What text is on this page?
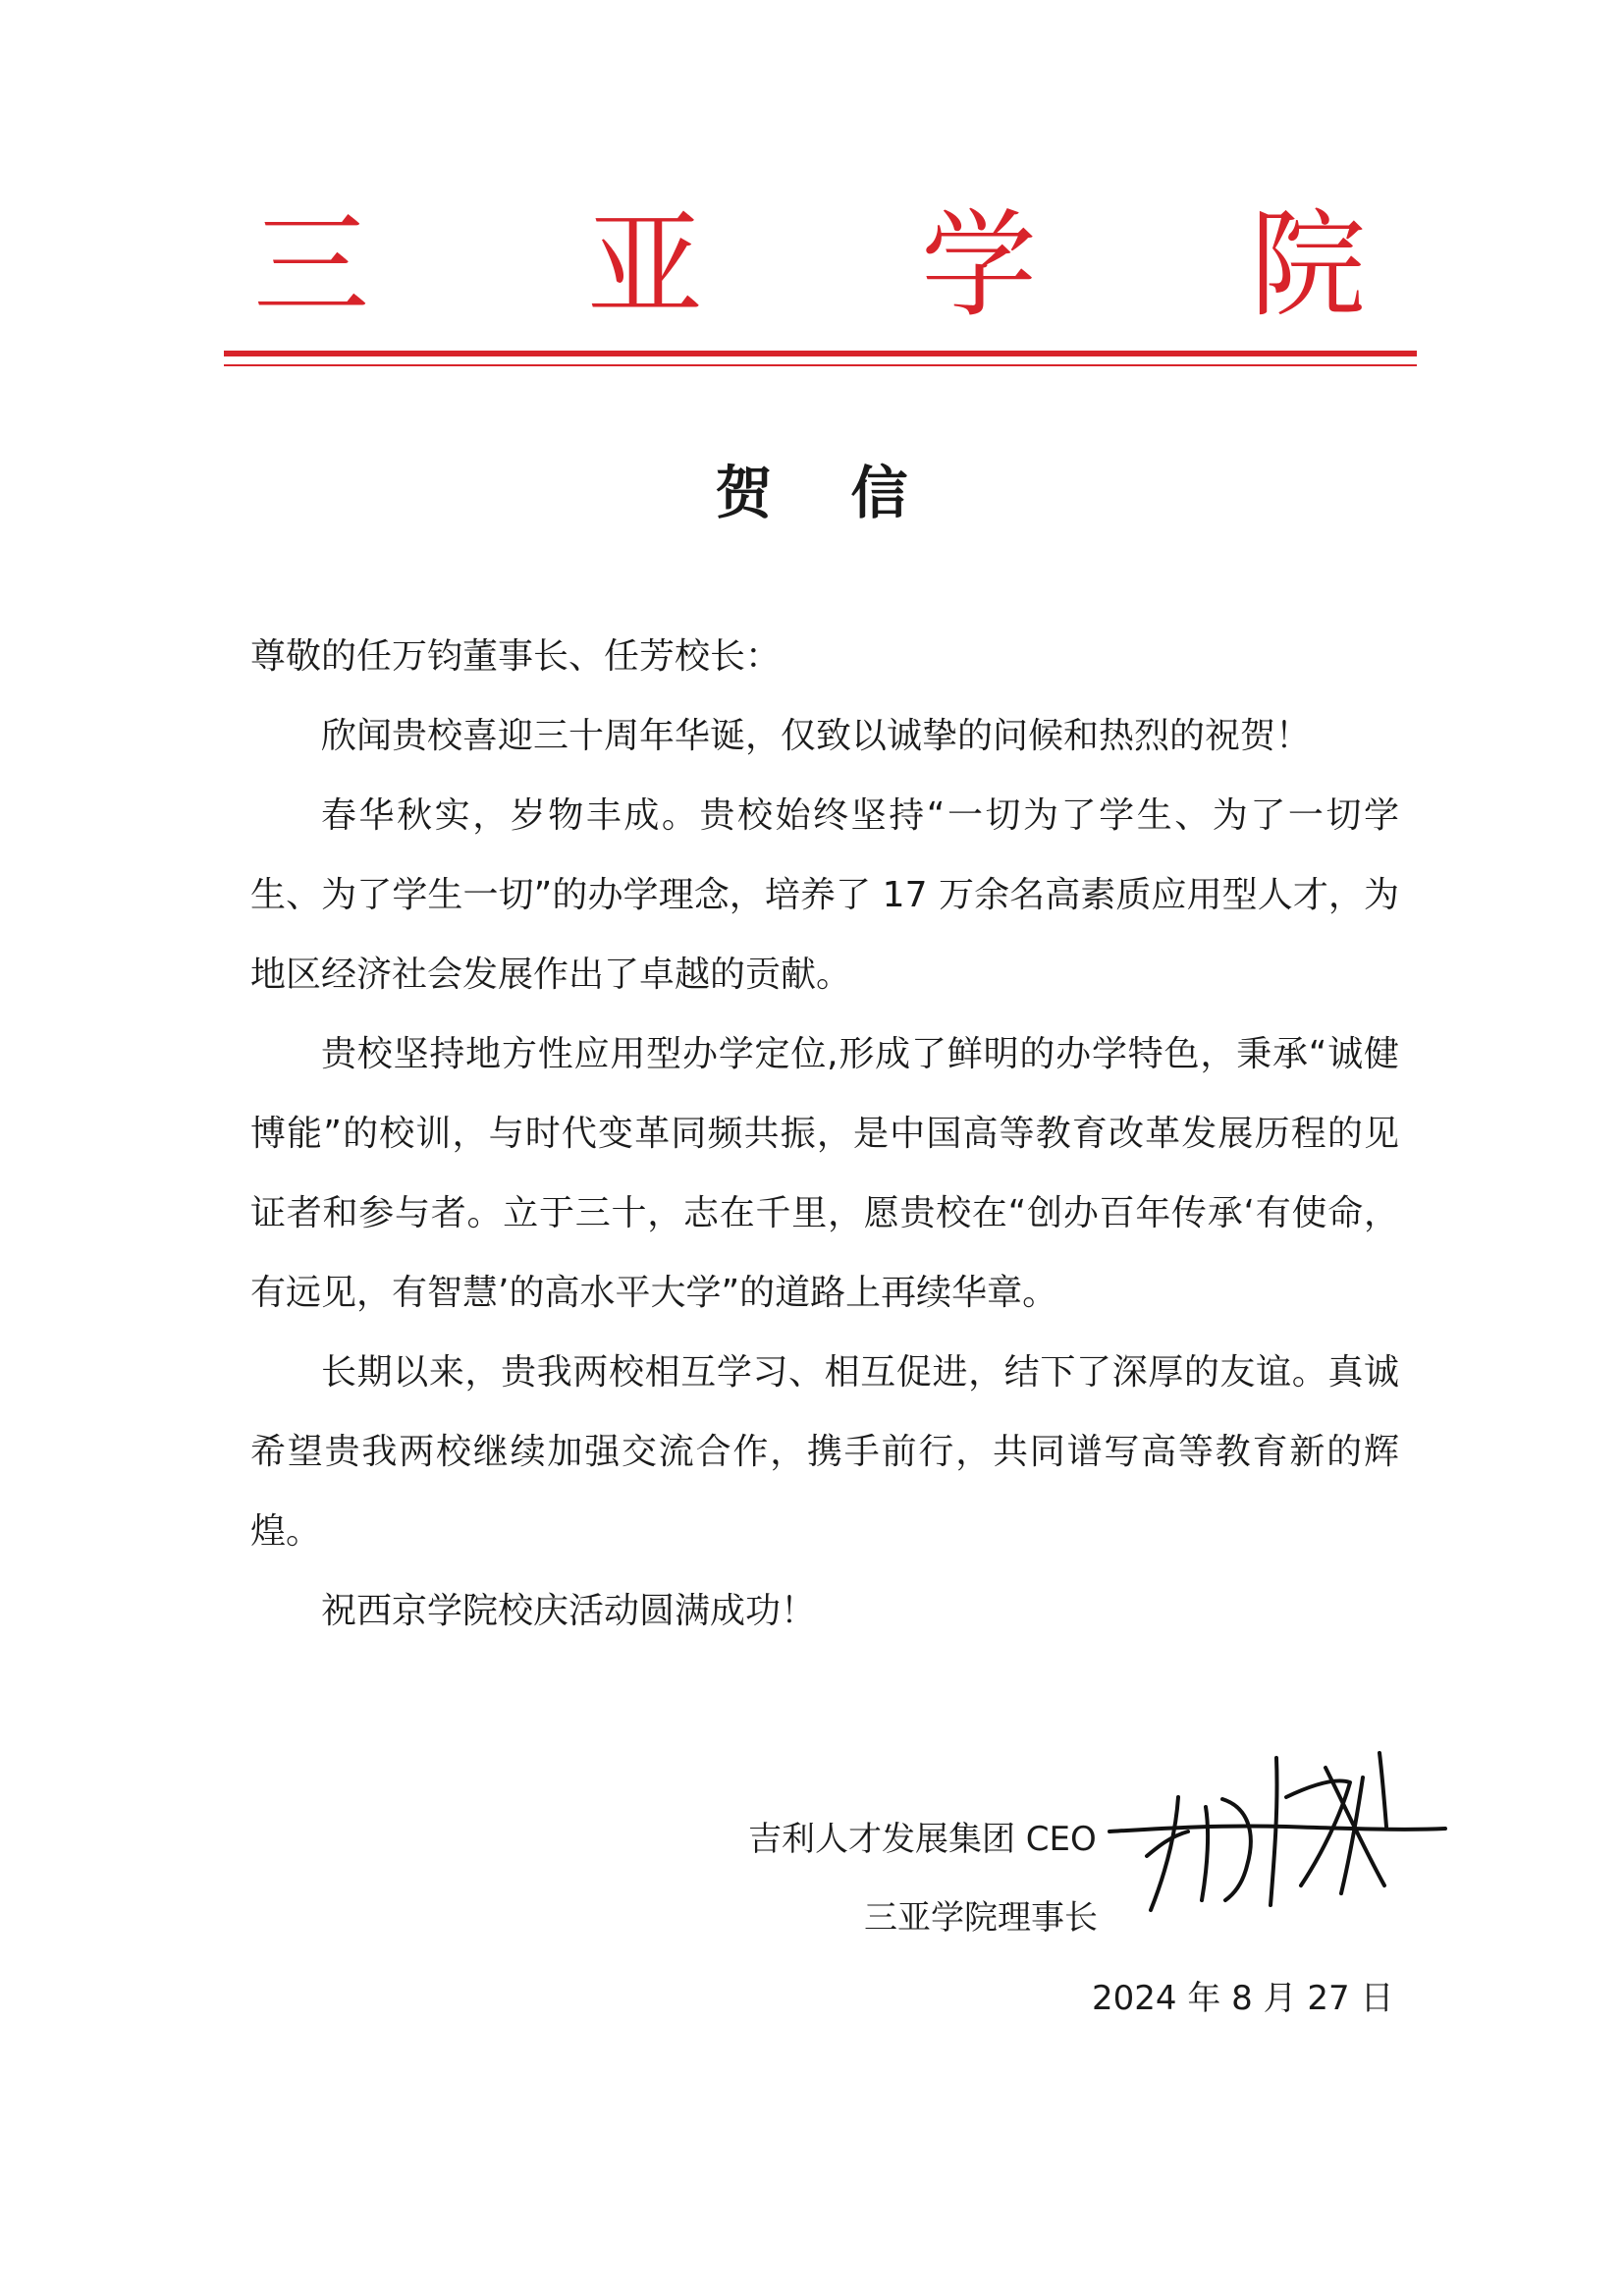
三 亚 学 院
贺信

尊敬的任万钧董事长、任芳校长：

欣闻贵校喜迎三十周年华诞，仅致以诚挚的问候和热烈的祝贺！

春华秋实，岁物丰成。贵校始终坚持“一切为了学生、为了一切学生、为了学生一切”的办学理念，培养了 17 万余名高素质应用型人才，为地区经济社会发展作出了卓越的贡献。

贵校坚持地方性应用型办学定位,形成了鲜明的办学特色，秉承“诚健博能”的校训，与时代变革同频共振，是中国高等教育改革发展历程的见证者和参与者。立于三十，志在千里，愿贵校在“创办百年传承‘有使命，有远见，有智慧’的高水平大学”的道路上再续华章。

长期以来，贵我两校相互学习、相互促进，结下了深厚的友谊。真诚希望贵我两校继续加强交流合作，携手前行，共同谱写高等教育新的辉煌。

祝西京学院校庆活动圆满成功！

吉利人才发展集团 CEO
三亚学院理事长
2024 年 8 月 27 日
